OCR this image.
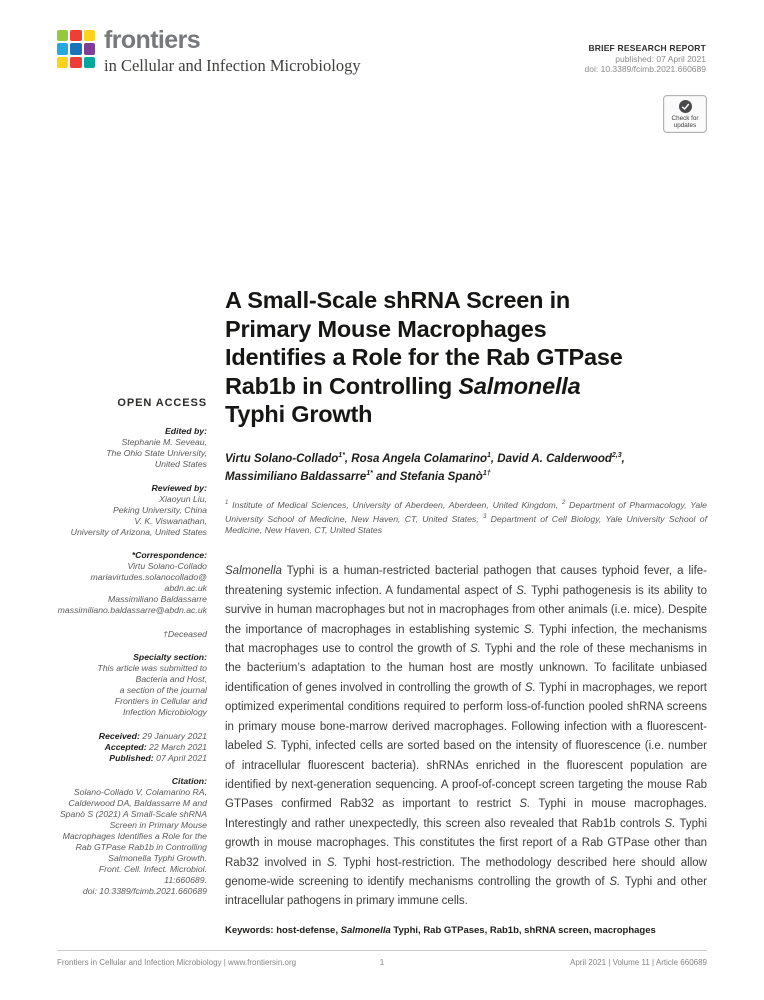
frontiers
in Cellular and Infection Microbiology
BRIEF RESEARCH REPORT
published: 07 April 2021
doi: 10.3389/fcimb.2021.660689
Check for
updates
OPEN ACCESS
Edited by:
Stephanie M. Seveau,
The Ohio State University,
United States
Reviewed by:
Xiaoyun Liu,
Peking University, China
V. K. Viswanathan,
University of Arizona, United States
*Correspondence:
Virtu Solano-Collado
mariavirtudes.solanocollado@
abdn.ac.uk
Massimiliano Baldassarre
massimiliano.baldassarre@abdn.ac.uk
†Deceased
Specialty section:
This article was submitted to
Bacteria and Host,
a section of the journal
Frontiers in Cellular and
Infection Microbiology
Received: 29 January 2021
Accepted: 22 March 2021
Published: 07 April 2021
Citation:
Solano-Collado V, Colamarino RA,
Calderwood DA, Baldassarre M and
Spanò S (2021) A Small-Scale shRNA
Screen in Primary Mouse
Macrophages Identifies a Role for the
Rab GTPase Rab1b in Controlling
Salmonella Typhi Growth.
Front. Cell. Infect. Microbiol. 11:660689.
doi: 10.3389/fcimb.2021.660689
A Small-Scale shRNA Screen in
Primary Mouse Macrophages
Identifies a Role for the Rab GTPase
Rab1b in Controlling Salmonella
Typhi Growth
Virtu Solano-Collado$^{1*}$, Rosa Angela Colamarino$^1$, David A. Calderwood$^{2,3}$,
Massimiliano Baldassarre$^{1*}$ and Stefania Spanò$^{1\dagger}$
$^1$ Institute of Medical Sciences, University of Aberdeen, Aberdeen, United Kingdom, $^2$ Department of Pharmacology, Yale University School of Medicine, New Haven, CT, United States, $^3$ Department of Cell Biology, Yale University School of Medicine, New Haven, CT, United States
Salmonella Typhi is a human-restricted bacterial pathogen that causes typhoid fever, a life-threatening systemic infection. A fundamental aspect of S. Typhi pathogenesis is its ability to survive in human macrophages but not in macrophages from other animals (i.e. mice). Despite the importance of macrophages in establishing systemic S. Typhi infection, the mechanisms that macrophages use to control the growth of S. Typhi and the role of these mechanisms in the bacterium’s adaptation to the human host are mostly unknown. To facilitate unbiased identification of genes involved in controlling the growth of S. Typhi in macrophages, we report optimized experimental conditions required to perform loss-of-function pooled shRNA screens in primary mouse bone-marrow derived macrophages. Following infection with a fluorescent-labeled S. Typhi, infected cells are sorted based on the intensity of fluorescence (i.e. number of intracellular fluorescent bacteria). shRNAs enriched in the fluorescent population are identified by next-generation sequencing. A proof-of-concept screen targeting the mouse Rab GTPases confirmed Rab32 as important to restrict S. Typhi in mouse macrophages. Interestingly and rather unexpectedly, this screen also revealed that Rab1b controls S. Typhi growth in mouse macrophages. This constitutes the first report of a Rab GTPase other than Rab32 involved in S. Typhi host-restriction. The methodology described here should allow genome-wide screening to identify mechanisms controlling the growth of S. Typhi and other intracellular pathogens in primary immune cells.
Keywords: host-defense, Salmonella Typhi, Rab GTPases, Rab1b, shRNA screen, macrophages
Frontiers in Cellular and Infection Microbiology | www.frontiersin.org	1	April 2021 | Volume 11 | Article 660689
